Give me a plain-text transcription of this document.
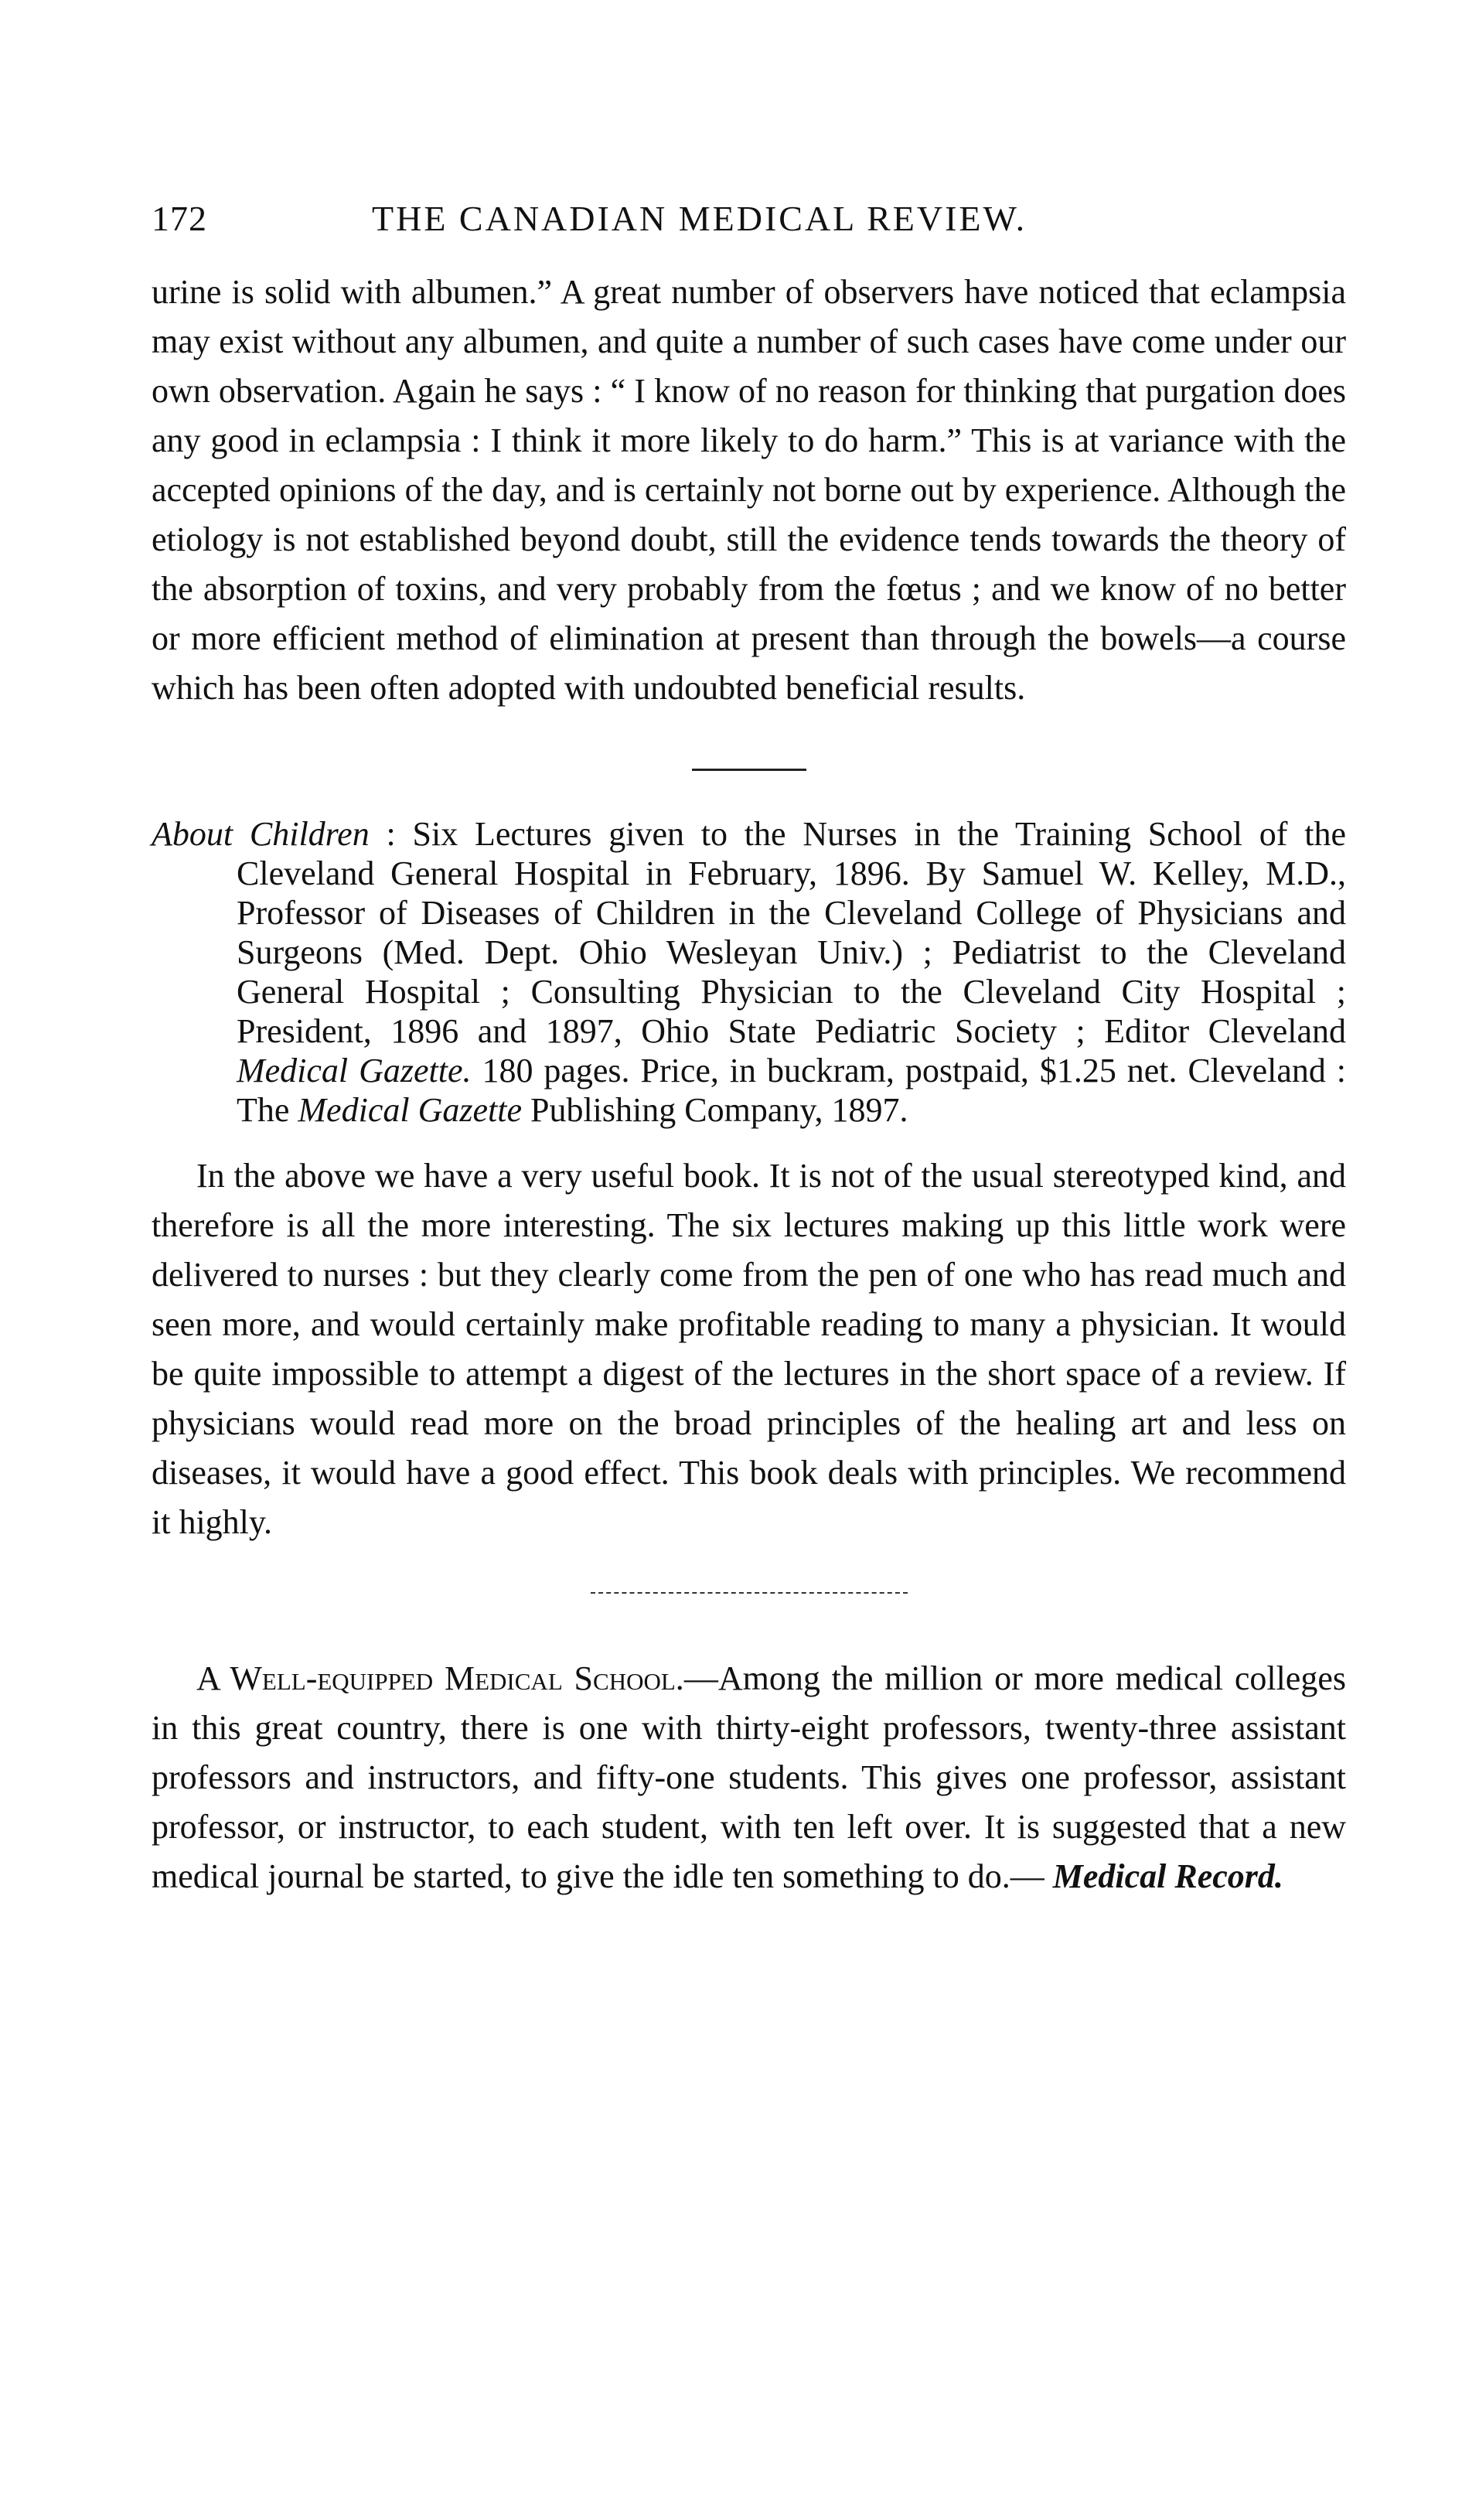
172	THE CANADIAN MEDICAL REVIEW.

urine is solid with albumen.” A great number of observers have noticed that eclampsia may exist without any albumen, and quite a number of such cases have come under our own observation. Again he says : “ I know of no reason for thinking that purgation does any good in eclampsia : I think it more likely to do harm.” This is at variance with the accepted opinions of the day, and is certainly not borne out by experience. Although the etiology is not established beyond doubt, still the evidence tends towards the theory of the absorption of toxins, and very probably from the fœtus ; and we know of no better or more efficient method of elimination at present than through the bowels—a course which has been often adopted with undoubted beneficial results.

About Children : Six Lectures given to the Nurses in the Training School of the Cleveland General Hospital in February, 1896. By Samuel W. Kelley, M.D., Professor of Diseases of Children in the Cleveland College of Physicians and Surgeons (Med. Dept. Ohio Wesleyan Univ.) ; Pediatrist to the Cleveland General Hospital ; Consulting Physician to the Cleveland City Hospital ; President, 1896 and 1897, Ohio State Pediatric Society ; Editor Cleveland Medical Gazette. 180 pages. Price, in buckram, postpaid, $1.25 net. Cleveland : The Medical Gazette Publishing Company, 1897.

In the above we have a very useful book. It is not of the usual stereotyped kind, and therefore is all the more interesting. The six lectures making up this little work were delivered to nurses : but they clearly come from the pen of one who has read much and seen more, and would certainly make profitable reading to many a physician. It would be quite impossible to attempt a digest of the lectures in the short space of a review. If physicians would read more on the broad principles of the healing art and less on diseases, it would have a good effect. This book deals with principles. We recommend it highly.

A Well-equipped Medical School.—Among the million or more medical colleges in this great country, there is one with thirty-eight professors, twenty-three assistant professors and instructors, and fifty-one students. This gives one professor, assistant professor, or instructor, to each student, with ten left over. It is suggested that a new medical journal be started, to give the idle ten something to do.— Medical Record.
